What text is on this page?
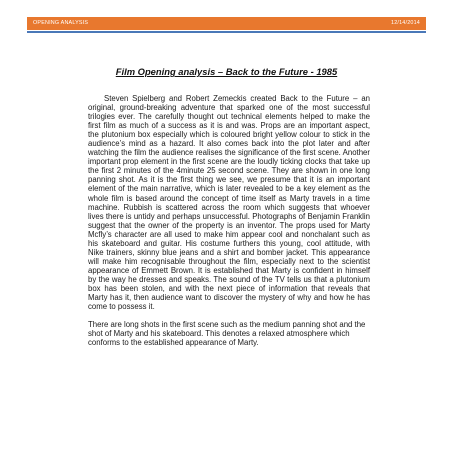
OPENING ANALYSIS	12/14/2014
Film Opening analysis – Back to the Future - 1985

Steven Spielberg and Robert Zemeckis created Back to the Future – an original, ground-breaking adventure that sparked one of the most successful trilogies ever. The carefully thought out technical elements helped to make the first film as much of a success as it is and was. Props are an important aspect, the plutonium box especially which is coloured bright yellow colour to stick in the audience’s mind as a hazard. It also comes back into the plot later and after watching the film the audience realises the significance of the first scene. Another important prop element in the first scene are the loudly ticking clocks that take up the first 2 minutes of the 4minute 25 second scene. They are shown in one long panning shot. As it is the first thing we see, we presume that it is an important element of the main narrative, which is later revealed to be a key element as the whole film is based around the concept of time itself as Marty travels in a time machine. Rubbish is scattered across the room which suggests that whoever lives there is untidy and perhaps unsuccessful. Photographs of Benjamin Franklin suggest that the owner of the property is an inventor. The props used for Marty Mcfly’s character are all used to make him appear cool and nonchalant such as his skateboard and guitar. His costume furthers this young, cool attitude, with Nike trainers, skinny blue jeans and a shirt and bomber jacket. This appearance will make him recognisable throughout the film, especially next to the scientist appearance of Emmett Brown. It is established that Marty is confident in himself by the way he dresses and speaks. The sound of the TV tells us that a plutonium box has been stolen, and with the next piece of information that reveals that Marty has it, then audience want to discover the mystery of why and how he has come to possess it.

There are long shots in the first scene such as the medium panning shot and the shot of Marty and his skateboard. This denotes a relaxed atmosphere which conforms to the established appearance of Marty.
